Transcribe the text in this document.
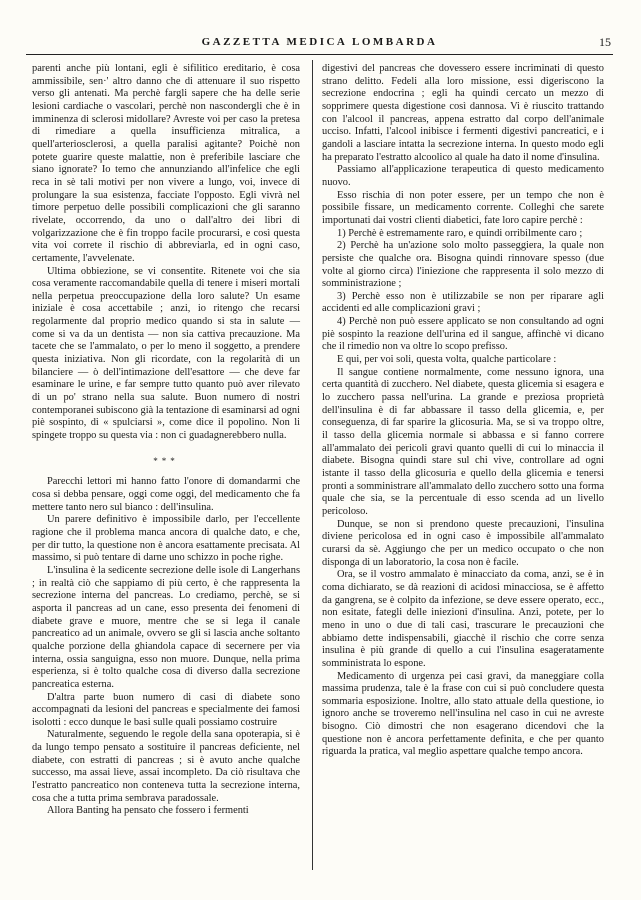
GAZZETTA MEDICA LOMBARDA	15

parenti anche più lontani, egli è sifilitico ereditario, è cosa ammissibile, sen·' altro danno che di attenuare il suo rispetto verso gli antenati. Ma perchè fargli sapere che ha delle serie lesioni cardiache o vascolari, perchè non nascondergli che è in imminenza di sclerosi midollare? Avreste voi per caso la pretesa di rimediare a quella insufficienza mitralica, a quell'arteriosclerosi, a quella paralisi agitante? Poichè non potete guarire queste malattie, non è preferibile lasciare che siano ignorate? Io temo che annunziando all'infelice che egli reca in sè tali motivi per non vivere a lungo, voi, invece di prolungare la sua esistenza, facciate l'opposto. Egli vivrà nel timore perpetuo delle possibili complicazioni che gli saranno rivelate, occorrendo, da uno o dall'altro dei libri di volgarizzazione che è fin troppo facile procurarsi, e così questa vita voi correte il rischio di abbreviarla, ed in ogni caso, certamente, l'avvelenate.

Ultima obbiezione, se vi consentite. Ritenete voi che sia cosa veramente raccomandabile quella di tenere i miseri mortali nella perpetua preoccupazione della loro salute? Un esame iniziale è cosa accettabile ; anzi, io ritengo che recarsi regolarmente dal proprio medico quando si sta in salute — come si va da un dentista — non sia cattiva precauzione. Ma tacete che se l'ammalato, o per lo meno il soggetto, a prendere questa iniziativa. Non gli ricordate, con la regolarità di un bilanciere — ò dell'intimazione dell'esattore — che deve far esaminare le urine, e far sempre tutto quanto può aver rilevato di un po' strano nella sua salute. Buon numero di nostri contemporanei subiscono già la tentazione di esaminarsi ad ogni piè sospinto, di « spulciarsi », come dice il popolino. Non li spingete troppo su questa via : non ci guadagnerebbero nulla.

***

Parecchi lettori mi hanno fatto l'onore di domandarmi che cosa si debba pensare, oggi come oggi, del medicamento che fa mettere tanto nero sul bianco : dell'insulina.

Un parere definitivo è impossibile darlo, per l'eccellente ragione che il problema manca ancora di qualche dato, e che, per dir tutto, la questione non è ancora esattamente precisata. Al massimo, si può tentare di darne uno schizzo in poche righe.

L'insulina è la sedicente secrezione delle isole di Langerhans ; in realtà ciò che sappiamo di più certo, è che rappresenta la secrezione interna del pancreas. Lo crediamo, perchè, se si asporta il pancreas ad un cane, esso presenta dei fenomeni di diabete grave e muore, mentre che se si lega il canale pancreatico ad un animale, ovvero se gli si lascia anche soltanto qualche porzione della ghiandola capace di secernere per via interna, ossia sanguigna, esso non muore. Dunque, nella prima esperienza, si è tolto qualche cosa di diverso dalla secrezione pancreatica esterna.

D'altra parte buon numero di casi di diabete sono accompagnati da lesioni del pancreas e specialmente dei famosi isolotti : ecco dunque le basi sulle quali possiamo costruire

Naturalmente, seguendo le regole della sana opoterapia, si è da lungo tempo pensato a sostituire il pancreas deficiente, nel diabete, con estratti di pancreas ; si è avuto anche qualche successo, ma assai lieve, assai incompleto. Da ciò risultava che l'estratto pancreatico non conteneva tutta la secrezione interna, cosa che a tutta prima sembrava paradossale.

Allora Banting ha pensato che fossero i fermenti

digestivi del pancreas che dovessero essere incriminati di questo strano delitto. Fedeli alla loro missione, essi digeriscono la secrezione endocrina ; egli ha quindi cercato un mezzo di sopprimere questa digestione così dannosa. Vi è riuscito trattando con l'alcool il pancreas, appena estratto dal corpo dell'animale ucciso. Infatti, l'alcool inibisce i fermenti digestivi pancreatici, e i gandoli a lasciare intatta la secrezione interna. In questo modo egli ha preparato l'estratto alcoolico al quale ha dato il nome d'insulina.

Passiamo all'applicazione terapeutica di questo medicamento nuovo.

Esso rischia di non poter essere, per un tempo che non è possibile fissare, un medicamento corrente. Colleghi che sarete importunati dai vostri clienti diabetici, fate loro capire perchè :

1) Perchè è estremamente raro, e quindi orribilmente caro ;

2) Perchè ha un'azione solo molto passeggiera, la quale non persiste che qualche ora. Bisogna quindi rinnovare spesso (due volte al giorno circa) l'iniezione che rappresenta il solo mezzo di somministrazione ;

3) Perchè esso non è utilizzabile se non per riparare agli accidenti ed alle complicazioni gravi ;

4) Perchè non può essere applicato se non consultando ad ogni piè sospinto la reazione dell'urina ed il sangue, affinchè vi dicano che il rimedio non va oltre lo scopo prefisso.

E qui, per voi soli, questa volta, qualche particolare :

Il sangue contiene normalmente, come nessuno ignora, una certa quantità di zucchero. Nel diabete, questa glicemia si esagera e lo zucchero passa nell'urina. La grande e preziosa proprietà dell'insulina è di far abbassare il tasso della glicemia, e, per conseguenza, di far sparire la glicosuria. Ma, se si va troppo oltre, il tasso della glicemia normale si abbassa e si fanno correre all'ammalato dei pericoli gravi quanto quelli di cui lo minaccia il diabete. Bisogna quindi stare sul chi vive, controllare ad ogni istante il tasso della glicosuria e quello della glicemia e tenersi pronti a somministrare all'ammalato dello zucchero sotto una forma quale che sia, se la percentuale di esso scenda ad un livello pericoloso.

Dunque, se non si prendono queste precauzioni, l'insulina diviene pericolosa ed in ogni caso è impossibile all'ammalato curarsi da sè. Aggiungo che per un medico occupato o che non disponga di un laboratorio, la cosa non è facile.

Ora, se il vostro ammalato è minacciato da coma, anzi, se è in coma dichiarato, se dà reazioni di acidosi minacciosa, se è affetto da gangrena, se è colpito da infezione, se deve essere operato, ecc., non esitate, fategli delle iniezioni d'insulina. Anzi, potete, per lo meno in uno o due di tali casi, trascurare le precauzioni che abbiamo dette indispensabili, giacchè il rischio che corre senza insulina è più grande di quello a cui l'insulina esageratamente somministrata lo espone.

Medicamento di urgenza pei casi gravi, da maneggiare colla massima prudenza, tale è la frase con cui si può concludere questa sommaria esposizione. Inoltre, allo stato attuale della questione, io ignoro anche se troveremo nell'insulina nel caso in cui ne avreste bisogno. Ciò dimostri che non esagerano dicendovi che la questione non è ancora perfettamente definita, e che per quanto riguarda la pratica, val meglio aspettare qualche tempo ancora.
